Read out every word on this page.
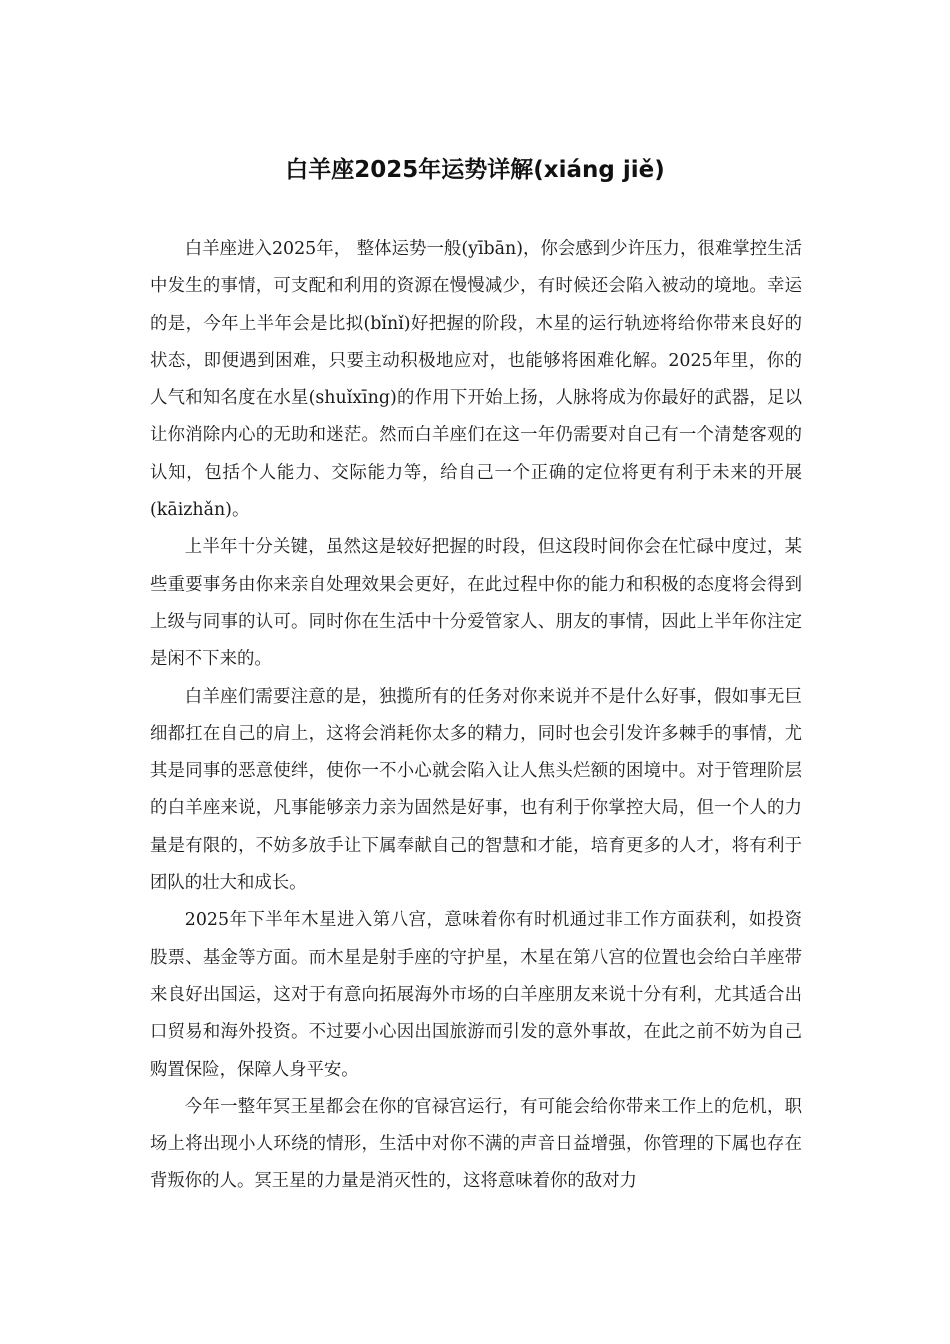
白羊座2025年运势详解(xiáng jiě)

白羊座进入2025年， 整体运势一般(yībān)，你会感到少许压力，很难掌控生活中发生的事情，可支配和利用的资源在慢慢减少，有时候还会陷入被动的境地。幸运的是，今年上半年会是比拟(bǐnǐ)好把握的阶段，木星的运行轨迹将给你带来良好的状态，即便遇到困难，只要主动积极地应对，也能够将困难化解。2025年里，你的人气和知名度在水星(shuǐxīng)的作用下开始上扬，人脉将成为你最好的武器，足以让你消除内心的无助和迷茫。然而白羊座们在这一年仍需要对自己有一个清楚客观的认知，包括个人能力、交际能力等，给自己一个正确的定位将更有利于未来的开展(kāizhǎn)。

上半年十分关键，虽然这是较好把握的时段，但这段时间你会在忙碌中度过，某些重要事务由你来亲自处理效果会更好，在此过程中你的能力和积极的态度将会得到上级与同事的认可。同时你在生活中十分爱管家人、朋友的事情，因此上半年你注定是闲不下来的。

白羊座们需要注意的是，独揽所有的任务对你来说并不是什么好事，假如事无巨细都扛在自己的肩上，这将会消耗你太多的精力，同时也会引发许多棘手的事情，尤其是同事的恶意使绊，使你一不小心就会陷入让人焦头烂额的困境中。对于管理阶层的白羊座来说，凡事能够亲力亲为固然是好事，也有利于你掌控大局，但一个人的力量是有限的，不妨多放手让下属奉献自己的智慧和才能，培育更多的人才，将有利于团队的壮大和成长。

2025年下半年木星进入第八宫，意味着你有时机通过非工作方面获利，如投资股票、基金等方面。而木星是射手座的守护星，木星在第八宫的位置也会给白羊座带来良好出国运，这对于有意向拓展海外市场的白羊座朋友来说十分有利，尤其适合出口贸易和海外投资。不过要小心因出国旅游而引发的意外事故，在此之前不妨为自己购置保险，保障人身平安。

今年一整年冥王星都会在你的官禄宫运行，有可能会给你带来工作上的危机，职场上将出现小人环绕的情形，生活中对你不满的声音日益增强，你管理的下属也存在背叛你的人。冥王星的力量是消灭性的，这将意味着你的敌对力
